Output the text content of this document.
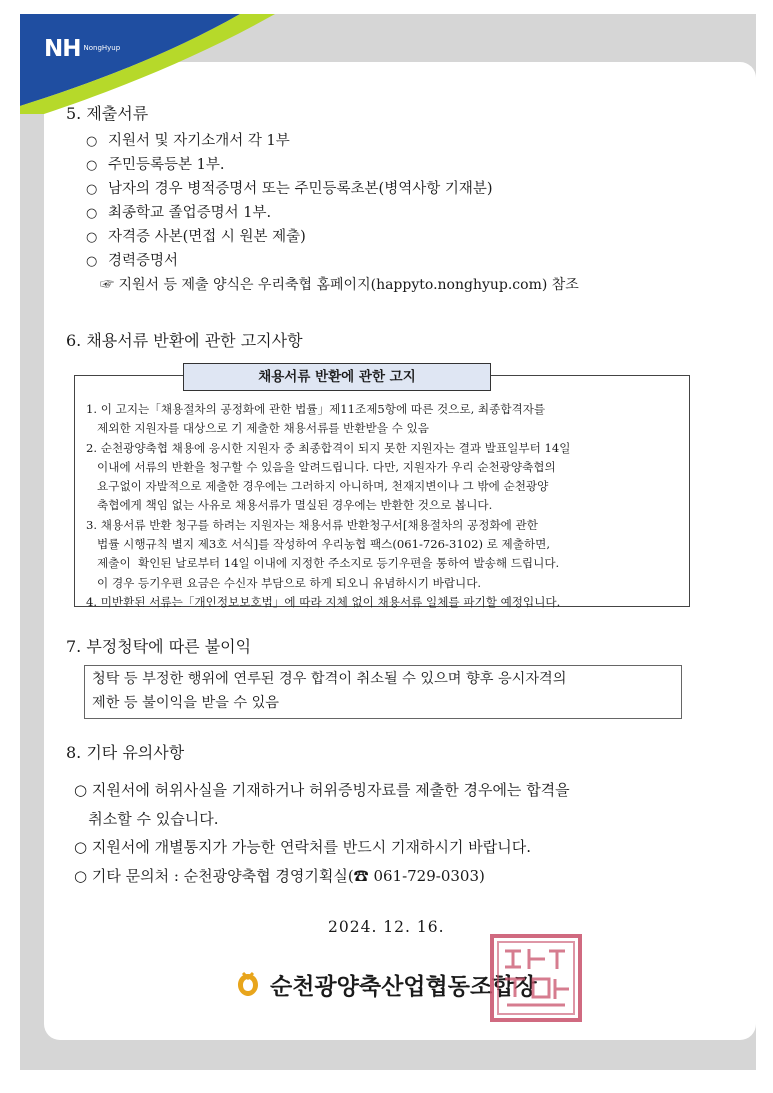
NH $^{NongHyup}$
5. 제출서류
○ 지원서 및 자기소개서 각 1부
○ 주민등록등본 1부.
○ 남자의 경우 병적증명서 또는 주민등록초본(병역사항 기재분)
○ 최종학교 졸업증명서 1부.
○ 자격증 사본(면접 시 원본 제출)
○ 경력증명서
☞ 지원서 등 제출 양식은 우리축협 홈페이지(happyto.nonghyup.com) 참조
6. 채용서류 반환에 관한 고지사항
채용서류 반환에 관한 고지
1. 이 고지는「채용절차의 공정화에 관한 법률」제11조제5항에 따른 것으로, 최종합격자를
제외한 지원자를 대상으로 기 제출한 채용서류를 반환받을 수 있음
2. 순천광양축협 채용에 응시한 지원자 중 최종합격이 되지 못한 지원자는 결과 발표일부터 14일
이내에 서류의 반환을 청구할 수 있음을 알려드립니다. 다만, 지원자가 우리 순천광양축협의
요구없이 자발적으로 제출한 경우에는 그러하지 아니하며, 천재지변이나 그 밖에 순천광양
축협에게 책임 없는 사유로 채용서류가 멸실된 경우에는 반환한 것으로 봅니다.
3. 채용서류 반환 청구를 하려는 지원자는 채용서류 반환청구서[채용절차의 공정화에 관한
법률 시행규칙 별지 제3호 서식]를 작성하여 우리농협 팩스(061-726-3102) 로 제출하면,
제출이  확인된 날로부터 14일 이내에 지정한 주소지로 등기우편을 통하여 발송해 드립니다.
이 경우 등기우편 요금은 수신자 부담으로 하게 되오니 유념하시기 바랍니다.
4. 미반환된 서류는「개인정보보호법」에 따라 지체 없이 채용서류 일체를 파기할 예정입니다.
7. 부정청탁에 따른 불이익
청탁 등 부정한 행위에 연루된 경우 합격이 취소될 수 있으며 향후 응시자격의
제한 등 불이익을 받을 수 있음
8. 기타 유의사항
○ 지원서에 허위사실을 기재하거나 허위증빙자료를 제출한 경우에는 합격을
취소할 수 있습니다.
○ 지원서에 개별통지가 가능한 연락처를 반드시 기재하시기 바랍니다.
○ 기타 문의처 : 순천광양축협 경영기획실(☎ 061-729-0303)
2024. 12. 16.
순천광양축산업협동조합장
